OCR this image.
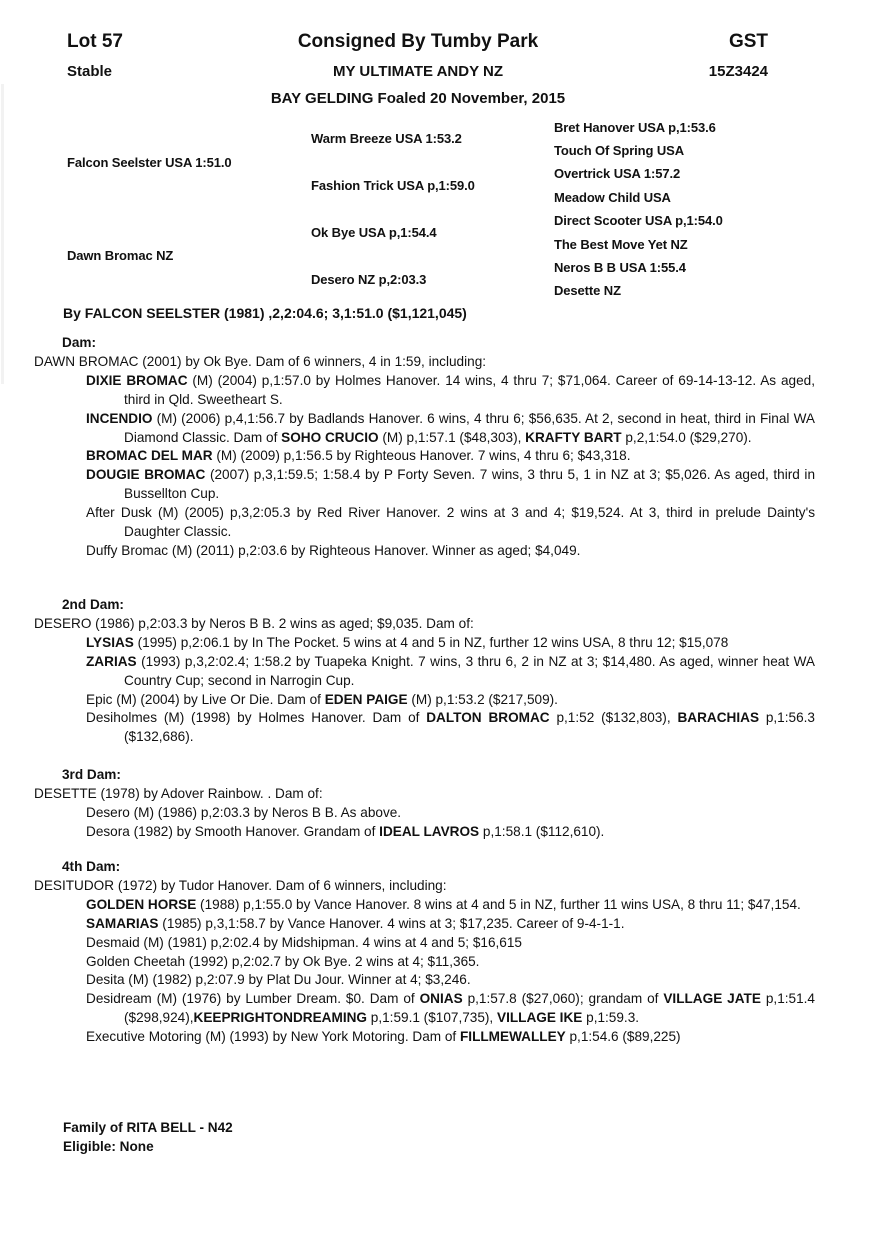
Lot 57	Consigned By Tumby Park	GST
Stable	MY ULTIMATE ANDY NZ	15Z3424
BAY GELDING Foaled 20 November, 2015
Falcon Seelster USA 1:51.0
Dawn Bromac NZ
Warm Breeze USA 1:53.2
Fashion Trick USA p,1:59.0
Ok Bye USA p,1:54.4
Desero NZ p,2:03.3
Bret Hanover USA p,1:53.6
Touch Of Spring USA
Overtrick USA 1:57.2
Meadow Child USA
Direct Scooter USA p,1:54.0
The Best Move Yet NZ
Neros B B USA 1:55.4
Desette NZ
By FALCON SEELSTER (1981) ,2,2:04.6; 3,1:51.0 ($1,121,045)
Dam:
DAWN BROMAC (2001) by Ok Bye. Dam of 6 winners, 4 in 1:59, including:
DIXIE BROMAC (M) (2004) p,1:57.0 by Holmes Hanover. 14 wins, 4 thru 7; $71,064. Career of 69-14-13-12. As aged, third in Qld. Sweetheart S.
INCENDIO (M) (2006) p,4,1:56.7 by Badlands Hanover. 6 wins, 4 thru 6; $56,635. At 2, second in heat, third in Final WA Diamond Classic. Dam of SOHO CRUCIO (M) p,1:57.1 ($48,303), KRAFTY BART p,2,1:54.0 ($29,270).
BROMAC DEL MAR (M) (2009) p,1:56.5 by Righteous Hanover. 7 wins, 4 thru 6; $43,318.
DOUGIE BROMAC (2007) p,3,1:59.5; 1:58.4 by P Forty Seven. 7 wins, 3 thru 5, 1 in NZ at 3; $5,026. As aged, third in Bussellton Cup.
After Dusk (M) (2005) p,3,2:05.3 by Red River Hanover. 2 wins at 3 and 4; $19,524. At 3, third in prelude Dainty's Daughter Classic.
Duffy Bromac (M) (2011) p,2:03.6 by Righteous Hanover. Winner as aged; $4,049.
2nd Dam:
DESERO (1986) p,2:03.3 by Neros B B. 2 wins as aged; $9,035. Dam of:
LYSIAS (1995) p,2:06.1 by In The Pocket. 5 wins at 4 and 5 in NZ, further 12 wins USA, 8 thru 12; $15,078
ZARIAS (1993) p,3,2:02.4; 1:58.2 by Tuapeka Knight. 7 wins, 3 thru 6, 2 in NZ at 3; $14,480. As aged, winner heat WA Country Cup; second in Narrogin Cup.
Epic (M) (2004) by Live Or Die. Dam of EDEN PAIGE (M) p,1:53.2 ($217,509).
Desiholmes (M) (1998) by Holmes Hanover. Dam of DALTON BROMAC p,1:52 ($132,803), BARACHIAS p,1:56.3 ($132,686).
3rd Dam:
DESETTE (1978) by Adover Rainbow. . Dam of:
Desero (M) (1986) p,2:03.3 by Neros B B. As above.
Desora (1982) by Smooth Hanover. Grandam of IDEAL LAVROS p,1:58.1 ($112,610).
4th Dam:
DESITUDOR (1972) by Tudor Hanover. Dam of 6 winners, including:
GOLDEN HORSE (1988) p,1:55.0 by Vance Hanover. 8 wins at 4 and 5 in NZ, further 11 wins USA, 8 thru 11; $47,154.
SAMARIAS (1985) p,3,1:58.7 by Vance Hanover. 4 wins at 3; $17,235. Career of 9-4-1-1.
Desmaid (M) (1981) p,2:02.4 by Midshipman. 4 wins at 4 and 5; $16,615
Golden Cheetah (1992) p,2:02.7 by Ok Bye. 2 wins at 4; $11,365.
Desita (M) (1982) p,2:07.9 by Plat Du Jour. Winner at 4; $3,246.
Desidream (M) (1976) by Lumber Dream. $0. Dam of ONIAS p,1:57.8 ($27,060); grandam of VILLAGE JATE p,1:51.4 ($298,924),KEEPRIGHTONDREAMING p,1:59.1 ($107,735), VILLAGE IKE p,1:59.3.
Executive Motoring (M) (1993) by New York Motoring. Dam of FILLMEWALLEY p,1:54.6 ($89,225)
Family of RITA BELL - N42
Eligible: None
